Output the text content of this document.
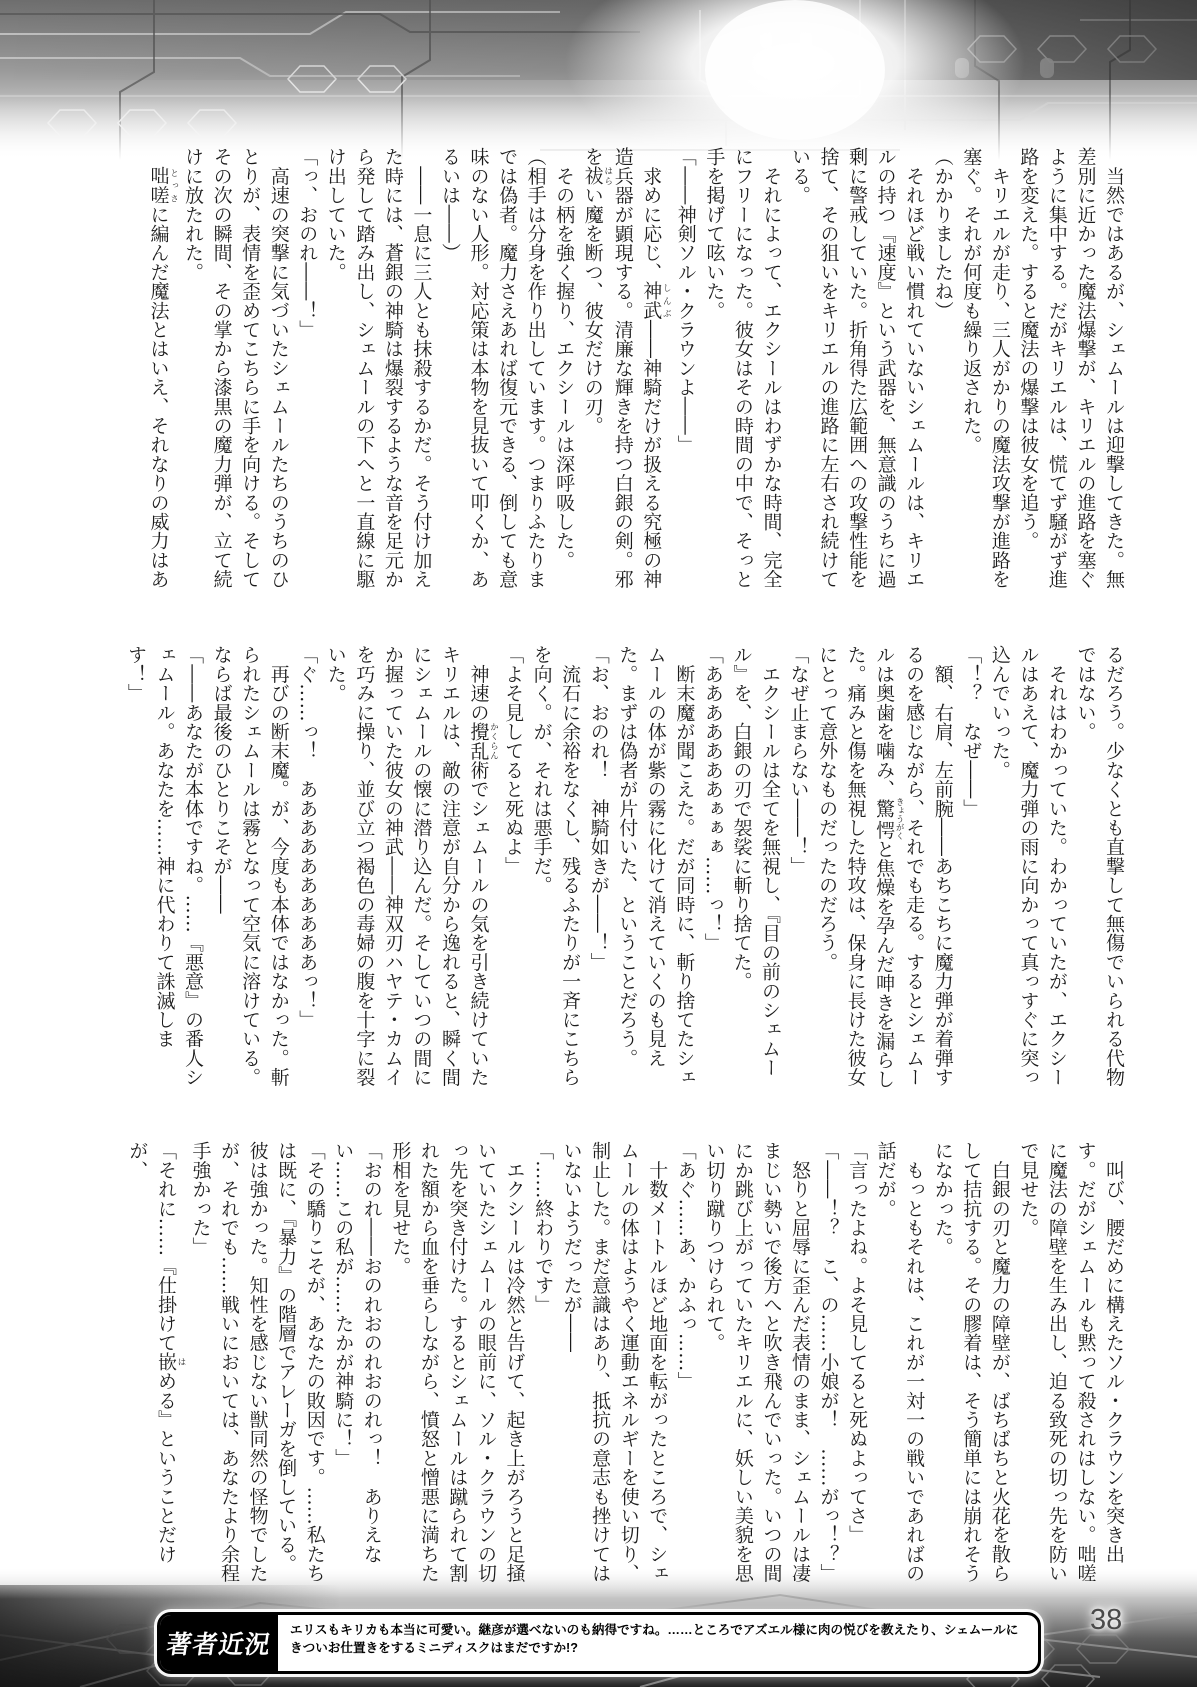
　当然ではあるが、シェムールは迎撃してきた。無差別に近かった魔法爆撃が、キリエルの進路を塞ぐように集中する。だがキリエルは、慌てず騒がず進路を変えた。すると魔法の爆撃は彼女を追う。

　キリエルが走り、三人がかりの魔法攻撃が進路を塞ぐ。それが何度も繰り返された。

（かかりましたね）

　それほど戦い慣れていないシェムールは、キリエルの持つ『速度』という武器を、無意識のうちに過剰に警戒していた。折角得た広範囲への攻撃性能を捨て、その狙いをキリエルの進路に左右され続けている。

　それによって、エクシールはわずかな時間、完全にフリーになった。彼女はその時間の中で、そっと手を掲げて呟いた。

「――神剣ソル・クラウンよ――」

　求めに応じ、神武 しんぶ――神騎だけが扱える究極の神造兵器が顕現する。清廉な輝きを持つ白銀の剣。邪を祓 はらい魔を断つ、彼女だけの刃。

　その柄を強く握り、エクシールは深呼吸した。

（相手は分身を作り出しています。つまりふたりまでは偽者。魔力さえあれば復元できる、倒しても意味のない人形。対応策は本物を見抜いて叩くか、あるいは――）

　――一息に三人とも抹殺するかだ。そう付け加えた時には、蒼銀の神騎は爆裂するような音を足元から発して踏み出し、シェムールの下へと一直線に駆け出していた。

「っ、おのれ――！」

　高速の突撃に気づいたシェムールたちのうちのひとりが、表情を歪めてこちらに手を向ける。そしてその次の瞬間、その掌から漆黒の魔力弾が、立て続けに放たれた。

　咄嗟 とっさに編んだ魔法とはいえ、それなりの威力はあ

るだろう。少なくとも直撃して無傷でいられる代物ではない。

　それはわかっていた。わかっていたが、エクシールはあえて、魔力弾の雨に向かって真っすぐに突っ込んでいった。

「！？　なぜ――」

　額、右肩、左前腕――あちこちに魔力弾が着弾するのを感じながら、それでも走る。するとシェムールは奥歯を噛み、驚愕 きょうがくと焦燥を孕んだ呻きを漏らした。痛みと傷を無視した特攻は、保身に長けた彼女にとって意外なものだったのだろう。

「なぜ止まらない――！」

　エクシールは全てを無視し、『目の前のシェムール』を、白銀の刃で袈裟に斬り捨てた。

「あああああああぁぁぁ……っ！」

　断末魔が聞こえた。だが同時に、斬り捨てたシェムールの体が紫の霧に化けて消えていくのも見えた。まずは偽者が片付いた、ということだろう。

「お、おのれ！　神騎如きが――！」

　流石に余裕をなくし、残るふたりが一斉にこちらを向く。が、それは悪手だ。

「よそ見してると死ぬよ」

　神速の攪乱 かくらん術でシェムールの気を引き続けていたキリエルは、敵の注意が自分から逸れると、瞬く間にシェムールの懐に潜り込んだ。そしていつの間にか握っていた彼女の神武――神双刃ハヤテ・カムイを巧みに操り、並び立つ褐色の毒婦の腹を十字に裂いた。

「ぐ……っ！　ああああああああああっ！」

　再びの断末魔。が、今度も本体ではなかった。斬られたシェムールは霧となって空気に溶けている。ならば最後のひとりこそが――

「――あなたが本体ですね。……『悪意』の番人シェムール。あなたを……神に代わりて誅滅します！」

　叫び、腰だめに構えたソル・クラウンを突き出す。だがシェムールも黙って殺されはしない。咄嗟に魔法の障壁を生み出し、迫る致死の切っ先を防いで見せた。

　白銀の刃と魔力の障壁が、ばちばちと火花を散らして拮抗する。その膠着は、そう簡単には崩れそうになかった。

　もっともそれは、これが一対一の戦いであればの話だが。

「言ったよね。よそ見してると死ぬよってさ」

「――！？　こ、の……小娘が！　……がっ！？」

　怒りと屈辱に歪んだ表情のまま、シェムールは凄まじい勢いで後方へと吹き飛んでいった。いつの間にか跳び上がっていたキリエルに、妖しい美貌を思い切り蹴りつけられて。

「あぐ……あ、かふっ……」

　十数メートルほど地面を転がったところで、シェムールの体はようやく運動エネルギーを使い切り、制止した。まだ意識はあり、抵抗の意志も挫けてはいないようだったが――

「……終わりです」

　エクシールは冷然と告げて、起き上がろうと足掻いていたシェムールの眼前に、ソル・クラウンの切っ先を突き付けた。するとシェムールは蹴られて割れた額から血を垂らしながら、憤怒と憎悪に満ちた形相を見せた。

「おのれ――おのれおのれおのれっ！　ありえない……この私が……たかが神騎に！」

「その驕りこそが、あなたの敗因です。……私たちは既に、『暴力』の階層でアレーガを倒している。彼は強かった。知性を感じない獣同然の怪物でしたが、それでも……戦いにおいては、あなたより余程手強かった」

「それに……『仕掛けて嵌 はめる』ということだけが、

著者近況
エリスもキリカも本当に可愛い。継彦が選べないのも納得ですね。……ところでアズエル様に肉の悦びを教えたり、シェムールにきついお仕置きをするミニディスクはまだですか!?
38
